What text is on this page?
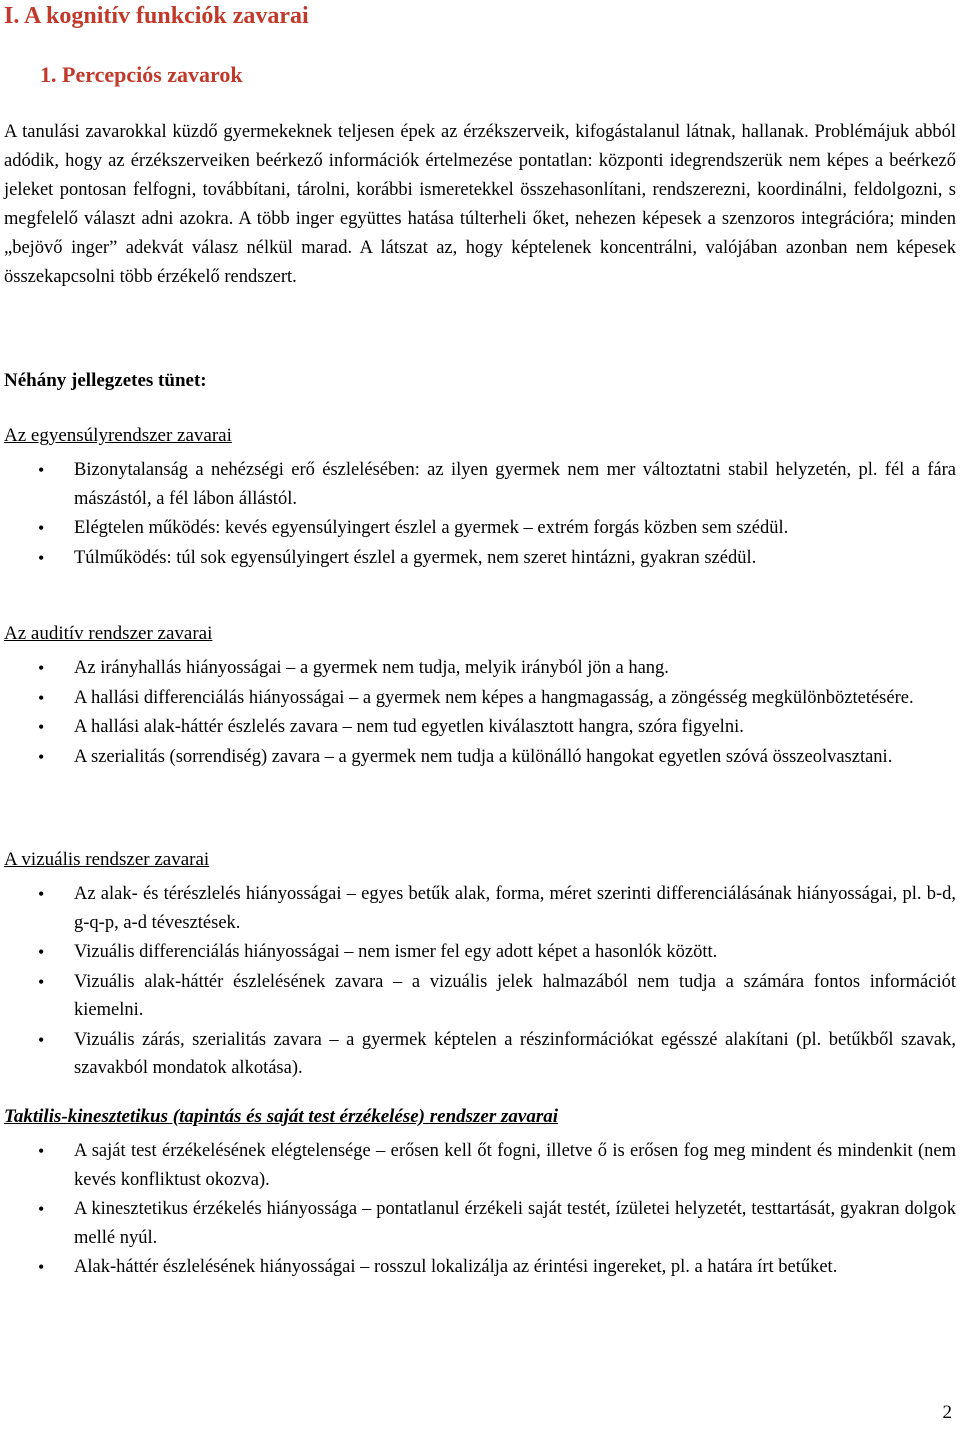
I. A kognitív funkciók zavarai
1. Percepciós zavarok
A tanulási zavarokkal küzdő gyermekeknek teljesen épek az érzékszerveik, kifogástalanul látnak, hallanak. Problémájuk abból adódik, hogy az érzékszerveiken beérkező információk értelmezése pontatlan: központi idegrendszerük nem képes a beérkező jeleket pontosan felfogni, továbbítani, tárolni, korábbi ismeretekkel összehasonlítani, rendszerezni, koordinálni, feldolgozni, s megfelelő választ adni azokra. A több inger együttes hatása túlterheli őket, nehezen képesek a szenzoros integrációra; minden „bejövő inger” adekvát válasz nélkül marad. A látszat az, hogy képtelenek koncentrálni, valójában azonban nem képesek összekapcsolni több érzékelő rendszert.
Néhány jellegzetes tünet:
Az egyensúlyrendszer zavarai
• Bizonytalanság a nehézségi erő észlelésében: az ilyen gyermek nem mer változtatni stabil helyzetén, pl. fél a fára mászástól, a fél lábon állástól.
• Elégtelen működés: kevés egyensúlyingert észlel a gyermek – extrém forgás közben sem szédül.
• Túlműködés: túl sok egyensúlyingert észlel a gyermek, nem szeret hintázni, gyakran szédül.
Az auditív rendszer zavarai
• Az irányhallás hiányosságai – a gyermek nem tudja, melyik irányból jön a hang.
• A hallási differenciálás hiányosságai – a gyermek nem képes a hangmagasság, a zöngésség megkülönböztetésére.
• A hallási alak-háttér észlelés zavara – nem tud egyetlen kiválasztott hangra, szóra figyelni.
• A szerialitás (sorrendiség) zavara – a gyermek nem tudja a különálló hangokat egyetlen szóvá összeolvasztani.
A vizuális rendszer zavarai
• Az alak- és térészlelés hiányosságai – egyes betűk alak, forma, méret szerinti differenciálásának hiányosságai, pl. b-d, g-q-p, a-d tévesztések.
• Vizuális differenciálás hiányosságai – nem ismer fel egy adott képet a hasonlók között.
• Vizuális alak-háttér észlelésének zavara – a vizuális jelek halmazából nem tudja a számára fontos információt kiemelni.
• Vizuális zárás, szerialitás zavara – a gyermek képtelen a részinformációkat egésszé alakítani (pl. betűkből szavak, szavakból mondatok alkotása).
Taktilis-kinesztetikus (tapintás és saját test érzékelése) rendszer zavarai
• A saját test érzékelésének elégtelensége – erősen kell őt fogni, illetve ő is erősen fog meg mindent és mindenkit (nem kevés konfliktust okozva).
• A kinesztetikus érzékelés hiányossága – pontatlanul érzékeli saját testét, ízületei helyzetét, testtartását, gyakran dolgok mellé nyúl.
• Alak-háttér észlelésének hiányosságai – rosszul lokalizálja az érintési ingereket, pl. a határa írt betűket.
2
